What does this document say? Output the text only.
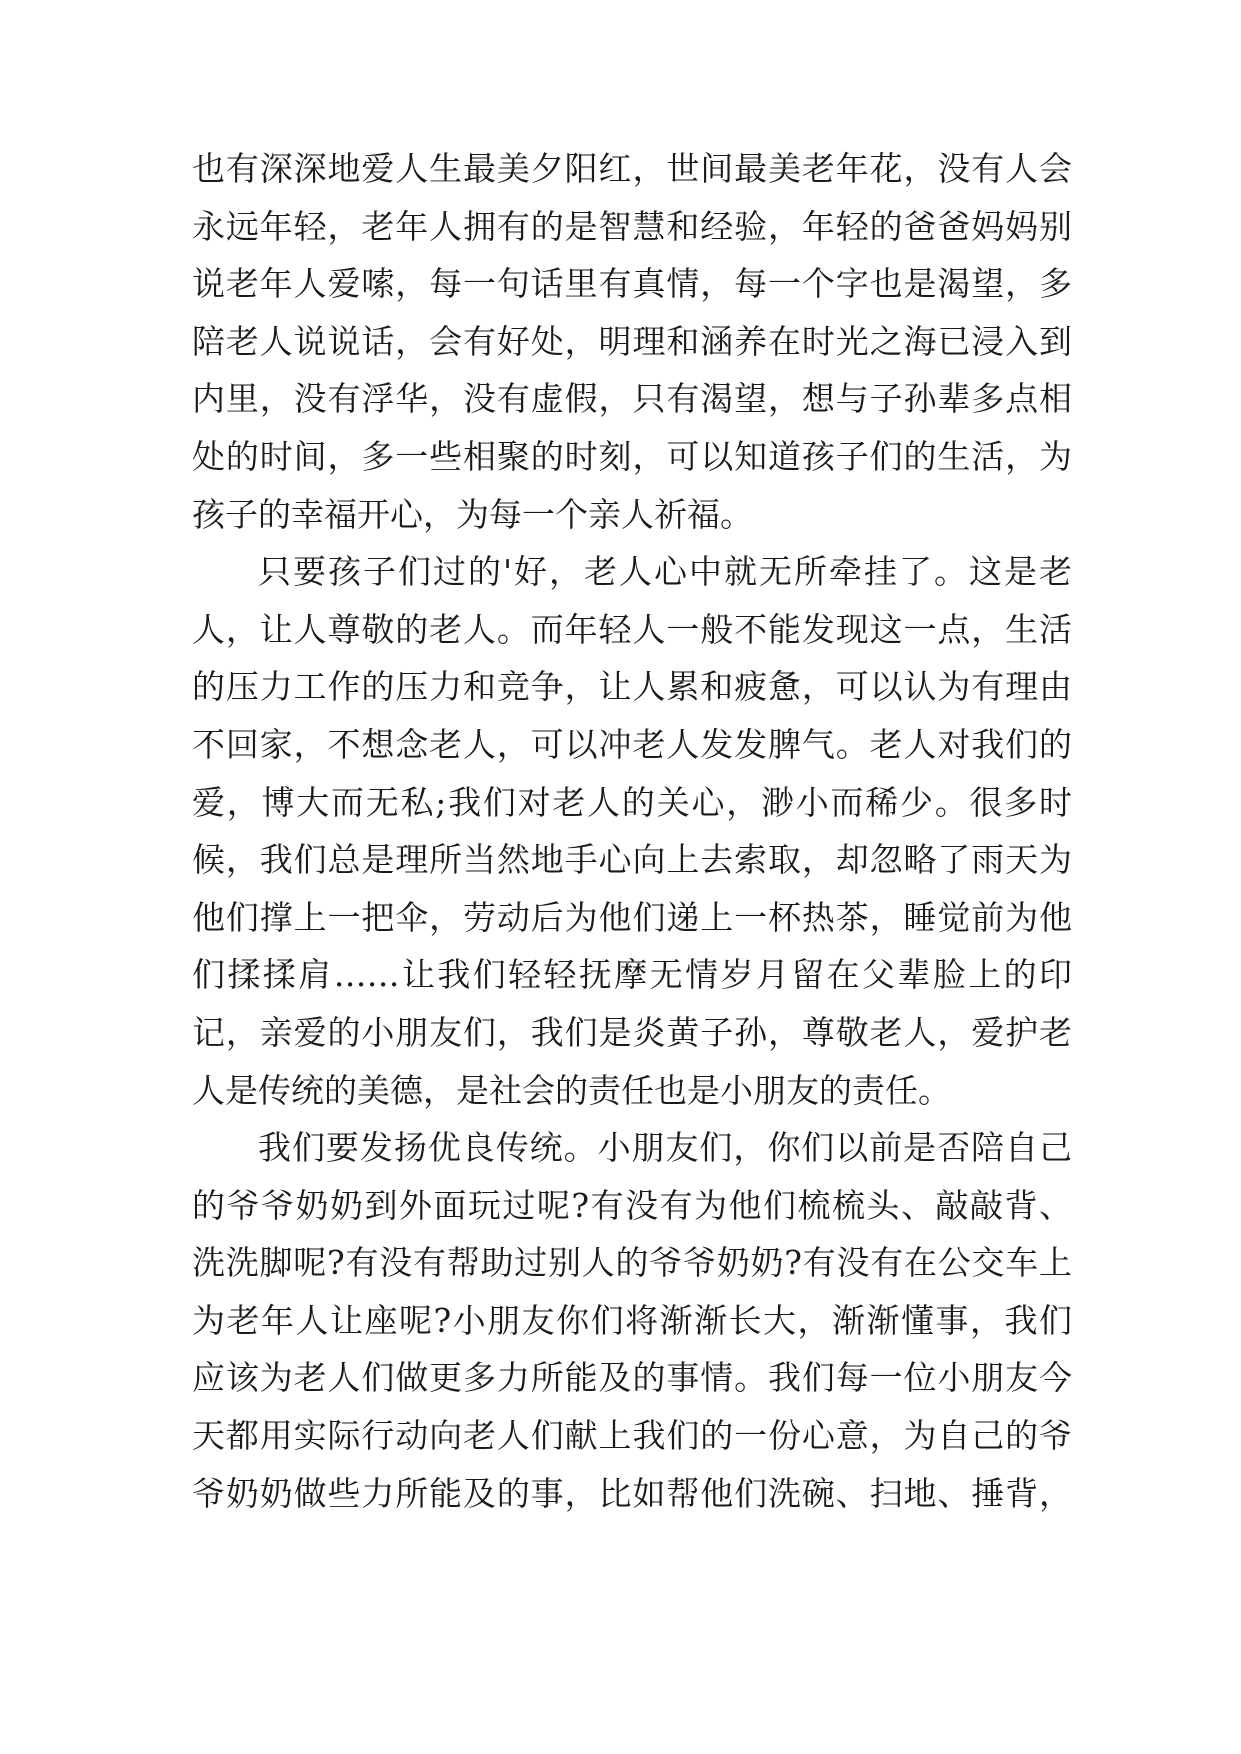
也有深深地爱人生最美夕阳红，世间最美老年花，没有人会
永远年轻，老年人拥有的是智慧和经验，年轻的爸爸妈妈别
说老年人爱嗦，每一句话里有真情，每一个字也是渴望，多
陪老人说说话，会有好处，明理和涵养在时光之海已浸入到
内里，没有浮华，没有虚假，只有渴望，想与子孙辈多点相
处的时间，多一些相聚的时刻，可以知道孩子们的生活，为
孩子的幸福开心，为每一个亲人祈福。
只要孩子们过的'好，老人心中就无所牵挂了。这是老
人，让人尊敬的老人。而年轻人一般不能发现这一点，生活
的压力工作的压力和竞争，让人累和疲惫，可以认为有理由
不回家，不想念老人，可以冲老人发发脾气。老人对我们的
爱，博大而无私;我们对老人的关心，渺小而稀少。很多时
候，我们总是理所当然地手心向上去索取，却忽略了雨天为
他们撑上一把伞，劳动后为他们递上一杯热茶，睡觉前为他
们揉揉肩……让我们轻轻抚摩无情岁月留在父辈脸上的印
记，亲爱的小朋友们，我们是炎黄子孙，尊敬老人，爱护老
人是传统的美德，是社会的责任也是小朋友的责任。
我们要发扬优良传统。小朋友们，你们以前是否陪自己
的爷爷奶奶到外面玩过呢?有没有为他们梳梳头、敲敲背、
洗洗脚呢?有没有帮助过别人的爷爷奶奶?有没有在公交车上
为老年人让座呢?小朋友你们将渐渐长大，渐渐懂事，我们
应该为老人们做更多力所能及的事情。我们每一位小朋友今
天都用实际行动向老人们献上我们的一份心意，为自己的爷
爷奶奶做些力所能及的事，比如帮他们洗碗、扫地、捶背，
